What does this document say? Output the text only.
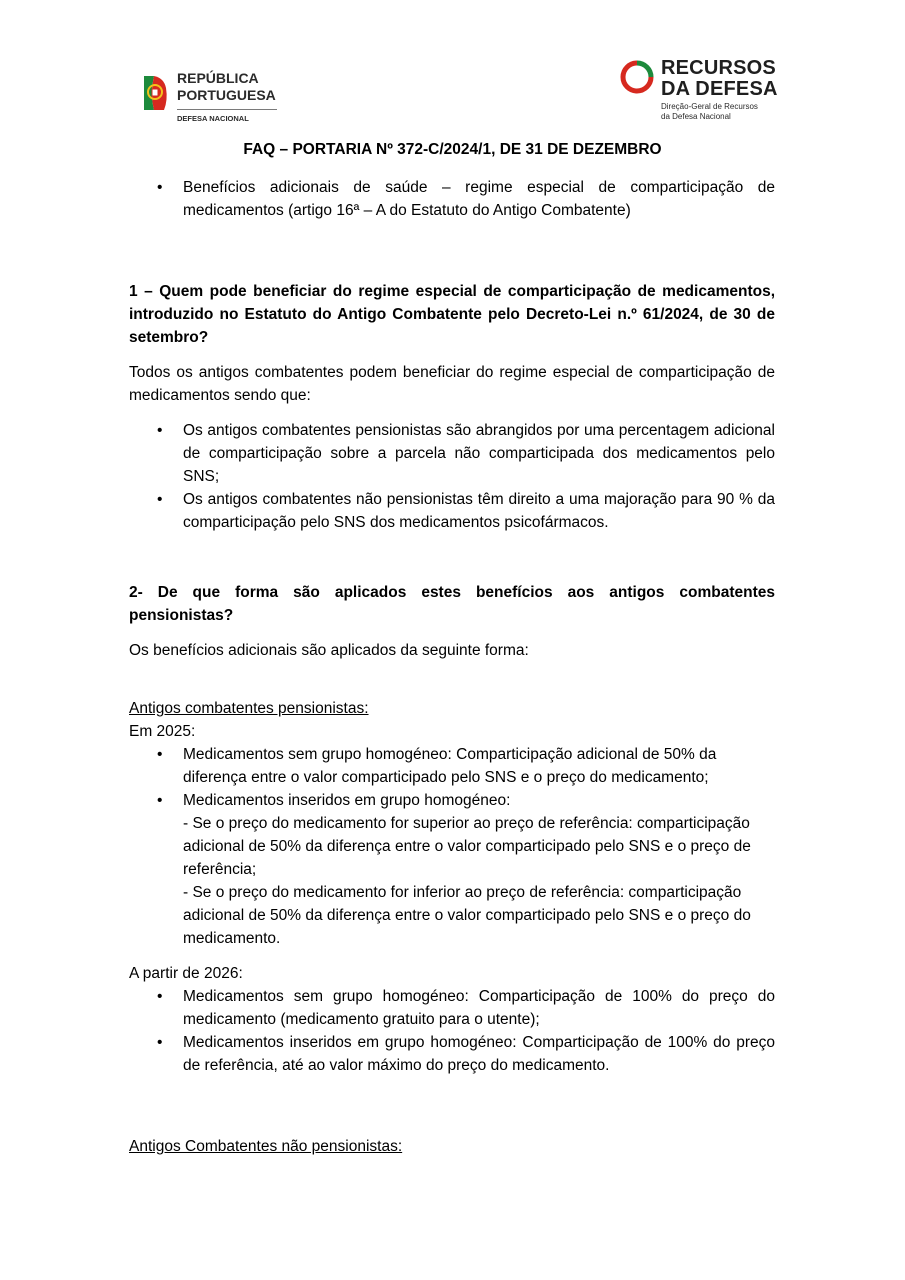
REPÚBLICA
PORTUGUESA
DEFESA NACIONAL
RECURSOS
DA DEFESA
Direção-Geral de Recursos
da Defesa Nacional
FAQ – PORTARIA Nº 372-C/2024/1, DE 31 DE DEZEMBRO
• Benefícios adicionais de saúde – regime especial de comparticipação de medicamentos (artigo 16ª – A do Estatuto do Antigo Combatente)

1 – Quem pode beneficiar do regime especial de comparticipação de medicamentos, introduzido no Estatuto do Antigo Combatente pelo Decreto-Lei n.º 61/2024, de 30 de setembro?

Todos os antigos combatentes podem beneficiar do regime especial de comparticipação de medicamentos sendo que:

• Os antigos combatentes pensionistas são abrangidos por uma percentagem adicional de comparticipação sobre a parcela não comparticipada dos medicamentos pelo SNS;
• Os antigos combatentes não pensionistas têm direito a uma majoração para 90 % da comparticipação pelo SNS dos medicamentos psicofármacos.

2- De que forma são aplicados estes benefícios aos antigos combatentes pensionistas?

Os benefícios adicionais são aplicados da seguinte forma:

Antigos combatentes pensionistas:

Em 2025:

• Medicamentos sem grupo homogéneo: Comparticipação adicional de 50% da diferença entre o valor comparticipado pelo SNS e o preço do medicamento;
• Medicamentos inseridos em grupo homogéneo:
- Se o preço do medicamento for superior ao preço de referência: comparticipação adicional de 50% da diferença entre o valor comparticipado pelo SNS e o preço de referência;
- Se o preço do medicamento for inferior ao preço de referência: comparticipação adicional de 50% da diferença entre o valor comparticipado pelo SNS e o preço do medicamento.

A partir de 2026:

• Medicamentos sem grupo homogéneo: Comparticipação de 100% do preço do medicamento (medicamento gratuito para o utente);
• Medicamentos inseridos em grupo homogéneo: Comparticipação de 100% do preço de referência, até ao valor máximo do preço do medicamento.

Antigos Combatentes não pensionistas:
